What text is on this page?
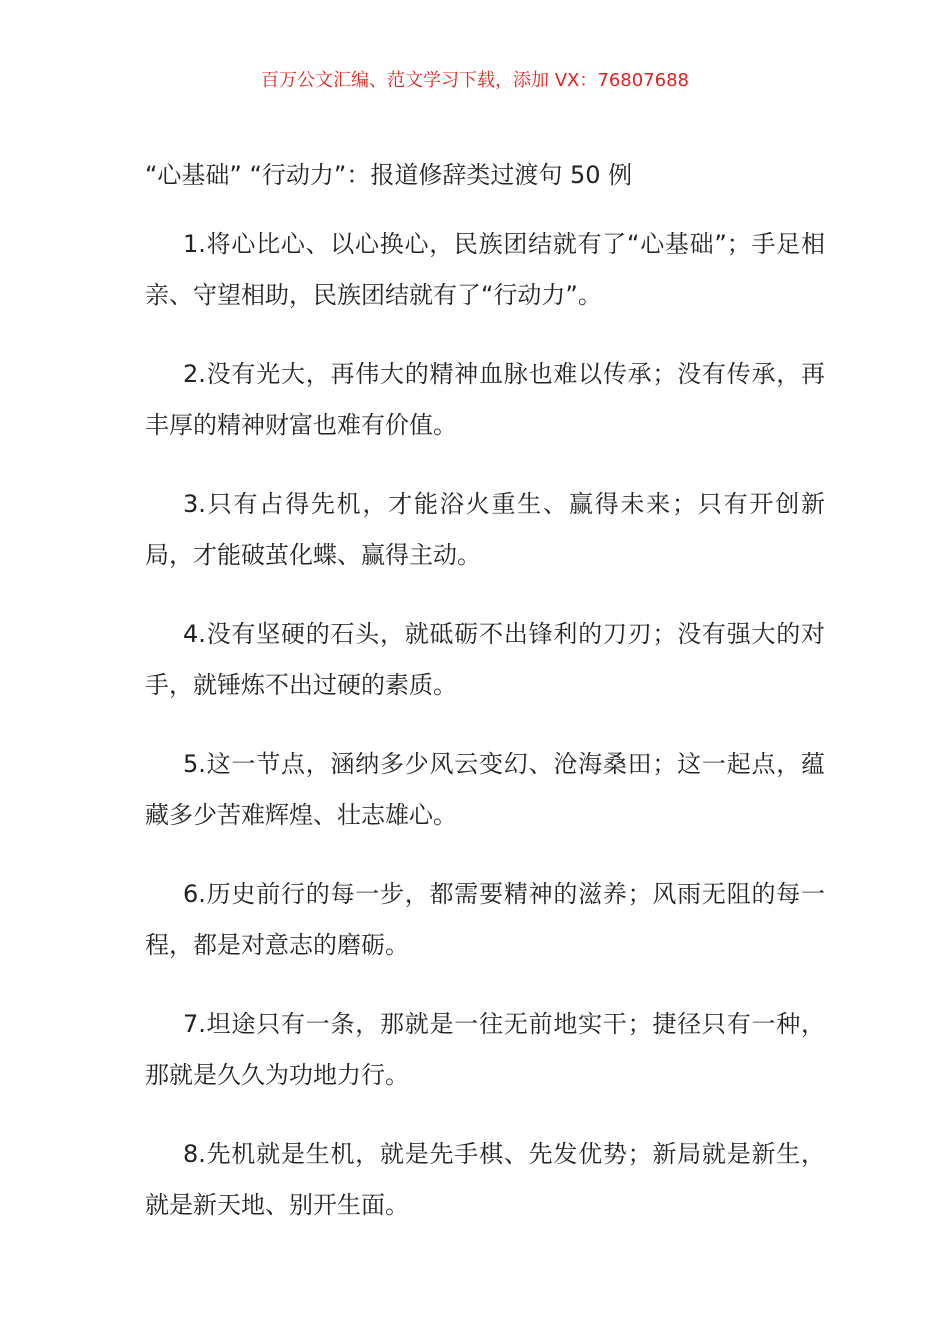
百万公文汇编、范文学习下载，添加 VX：76807688
“心基础” “行动力”：报道修辞类过渡句 50 例

1.将心比心、以心换心，民族团结就有了“心基础”；手足相亲、守望相助，民族团结就有了“行动力”。

2.没有光大，再伟大的精神血脉也难以传承；没有传承，再丰厚的精神财富也难有价值。

3.只有占得先机，才能浴火重生、赢得未来；只有开创新局，才能破茧化蝶、赢得主动。

4.没有坚硬的石头，就砥砺不出锋利的刀刃；没有强大的对手，就锤炼不出过硬的素质。

5.这一节点，涵纳多少风云变幻、沧海桑田；这一起点，蕴藏多少苦难辉煌、壮志雄心。

6.历史前行的每一步，都需要精神的滋养；风雨无阻的每一程，都是对意志的磨砺。

7.坦途只有一条，那就是一往无前地实干；捷径只有一种，那就是久久为功地力行。

8.先机就是生机，就是先手棋、先发优势；新局就是新生，就是新天地、别开生面。
